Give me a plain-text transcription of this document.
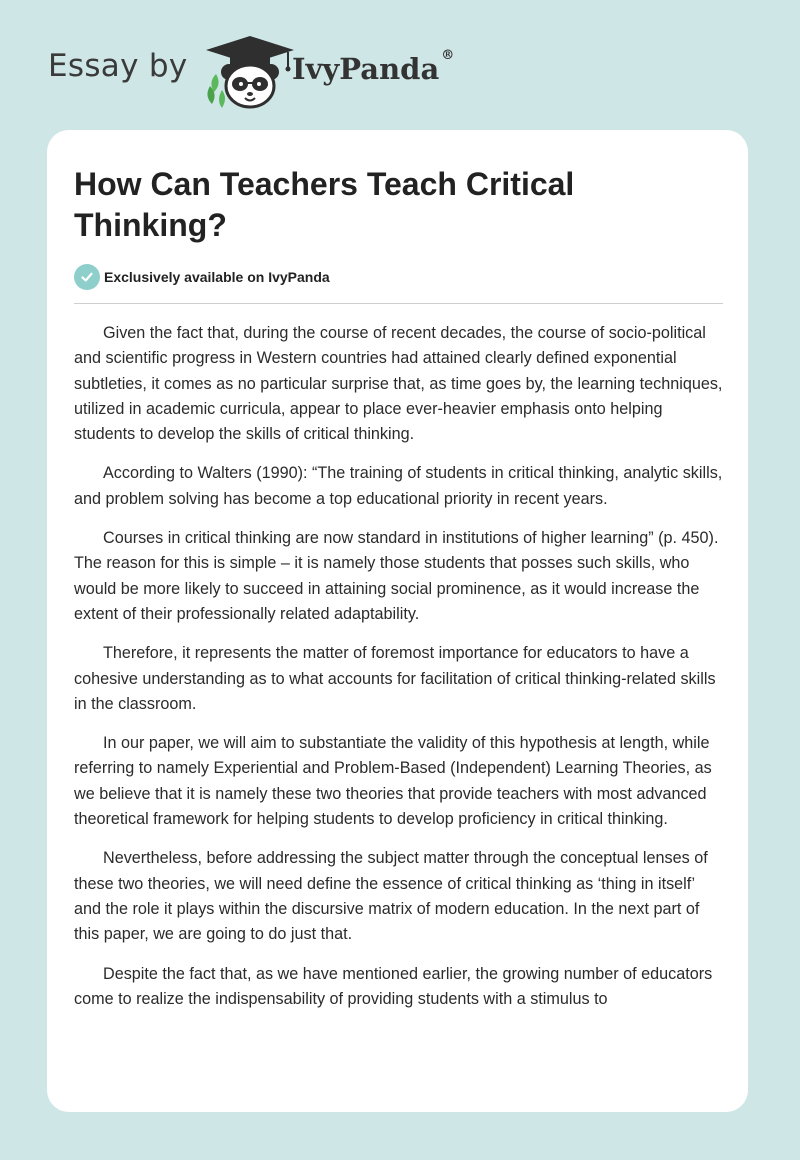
Essay by	IvyPanda ®
How Can Teachers Teach Critical Thinking?
Exclusively available on IvyPanda

Given the fact that, during the course of recent decades, the course of socio-political and scientific progress in Western countries had attained clearly defined exponential subtleties, it comes as no particular surprise that, as time goes by, the learning techniques, utilized in academic curricula, appear to place ever-heavier emphasis onto helping students to develop the skills of critical thinking.

According to Walters (1990): “The training of students in critical thinking, analytic skills, and problem solving has become a top educational priority in recent years.

Courses in critical thinking are now standard in institutions of higher learning” (p. 450). The reason for this is simple – it is namely those students that posses such skills, who would be more likely to succeed in attaining social prominence, as it would increase the extent of their professionally related adaptability.

Therefore, it represents the matter of foremost importance for educators to have a cohesive understanding as to what accounts for facilitation of critical thinking-related skills in the classroom.

In our paper, we will aim to substantiate the validity of this hypothesis at length, while referring to namely Experiential and Problem-Based (Independent) Learning Theories, as we believe that it is namely these two theories that provide teachers with most advanced theoretical framework for helping students to develop proficiency in critical thinking.

Nevertheless, before addressing the subject matter through the conceptual lenses of these two theories, we will need define the essence of critical thinking as ‘thing in itself’ and the role it plays within the discursive matrix of modern education. In the next part of this paper, we are going to do just that.

Despite the fact that, as we have mentioned earlier, the growing number of educators come to realize the indispensability of providing students with a stimulus to
